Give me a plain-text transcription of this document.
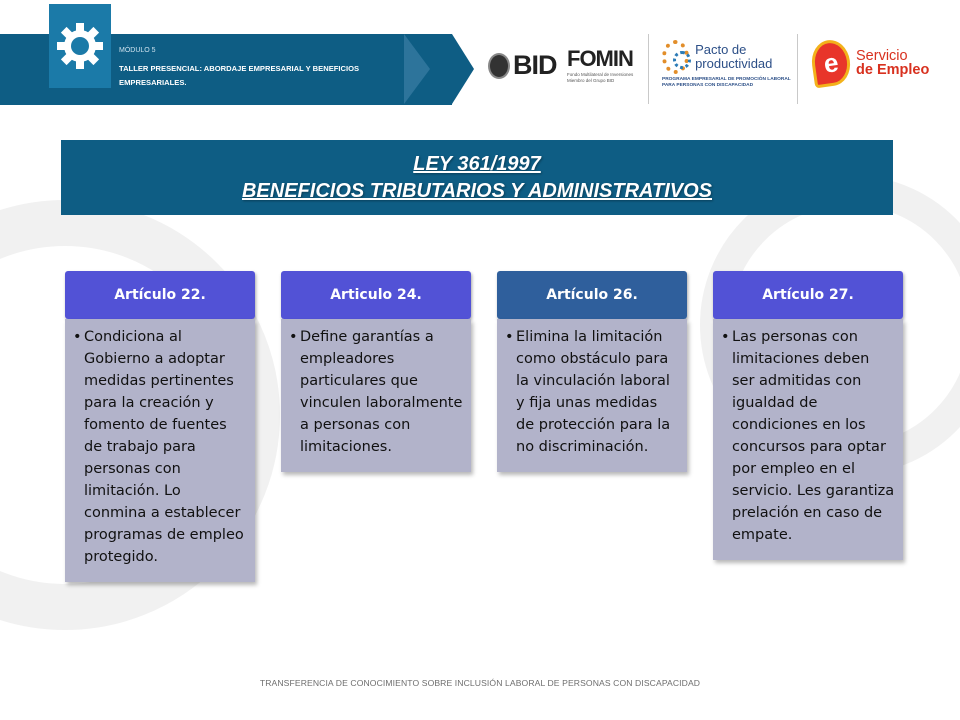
MÓDULO 5
TALLER PRESENCIAL: ABORDAJE EMPRESARIAL Y BENEFICIOS EMPRESARIALES.
BID FOMIN
Fondo Multilateral de Inversiones Miembro del Grupo BID
Pacto de productividad
PROGRAMA EMPRESARIAL DE PROMOCIÓN LABORAL PARA PERSONAS CON DISCAPACIDAD
e	Servicio
de Empleo
LEY 361/1997
BENEFICIOS TRIBUTARIOS Y ADMINISTRATIVOS
Artículo 22.
• Condiciona al Gobierno a adoptar medidas pertinentes para la creación y fomento de fuentes de trabajo para personas con limitación. Lo conmina a establecer programas de empleo protegido.
Articulo 24.
• Define garantías a empleadores particulares que vinculen laboralmente a personas con limitaciones.
Artículo 26.
• Elimina la limitación como obstáculo para la vinculación laboral y fija unas medidas de protección para la no discriminación.
Artículo 27.
• Las personas con limitaciones deben ser admitidas con igualdad de condiciones en los concursos para optar por empleo en el servicio. Les garantiza prelación en caso de empate.
TRANSFERENCIA DE CONOCIMIENTO SOBRE INCLUSIÓN LABORAL DE PERSONAS CON DISCAPACIDAD
